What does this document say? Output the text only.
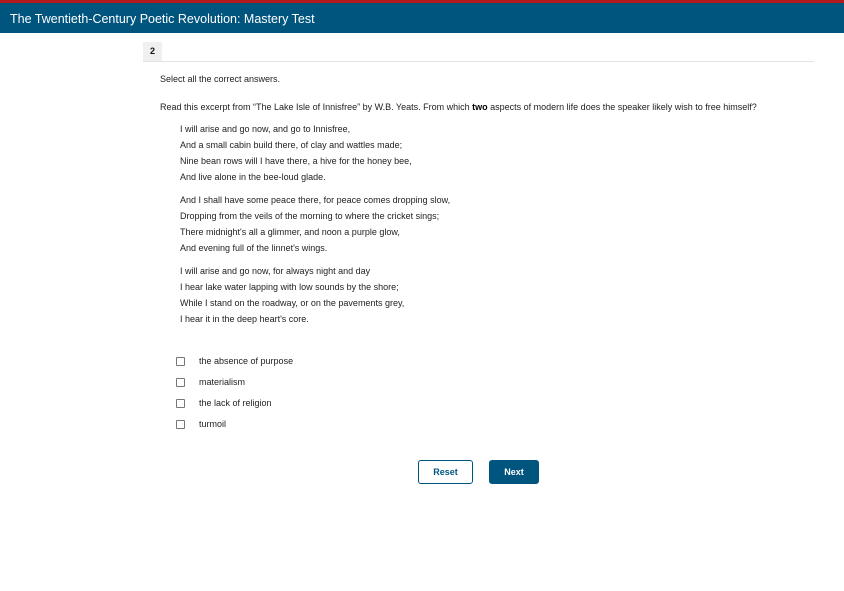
The Twentieth-Century Poetic Revolution: Mastery Test
2
Select all the correct answers.
Read this excerpt from “The Lake Isle of Innisfree” by W.B. Yeats. From which two aspects of modern life does the speaker likely wish to free himself?
I will arise and go now, and go to Innisfree,
And a small cabin build there, of clay and wattles made;
Nine bean rows will I have there, a hive for the honey bee,
And live alone in the bee-loud glade.
And I shall have some peace there, for peace comes dropping slow,
Dropping from the veils of the morning to where the cricket sings;
There midnight's all a glimmer, and noon a purple glow,
And evening full of the linnet's wings.
I will arise and go now, for always night and day
I hear lake water lapping with low sounds by the shore;
While I stand on the roadway, or on the pavements grey,
I hear it in the deep heart's core.
the absence of purpose
materialism
the lack of religion
turmoil
Reset	Next
